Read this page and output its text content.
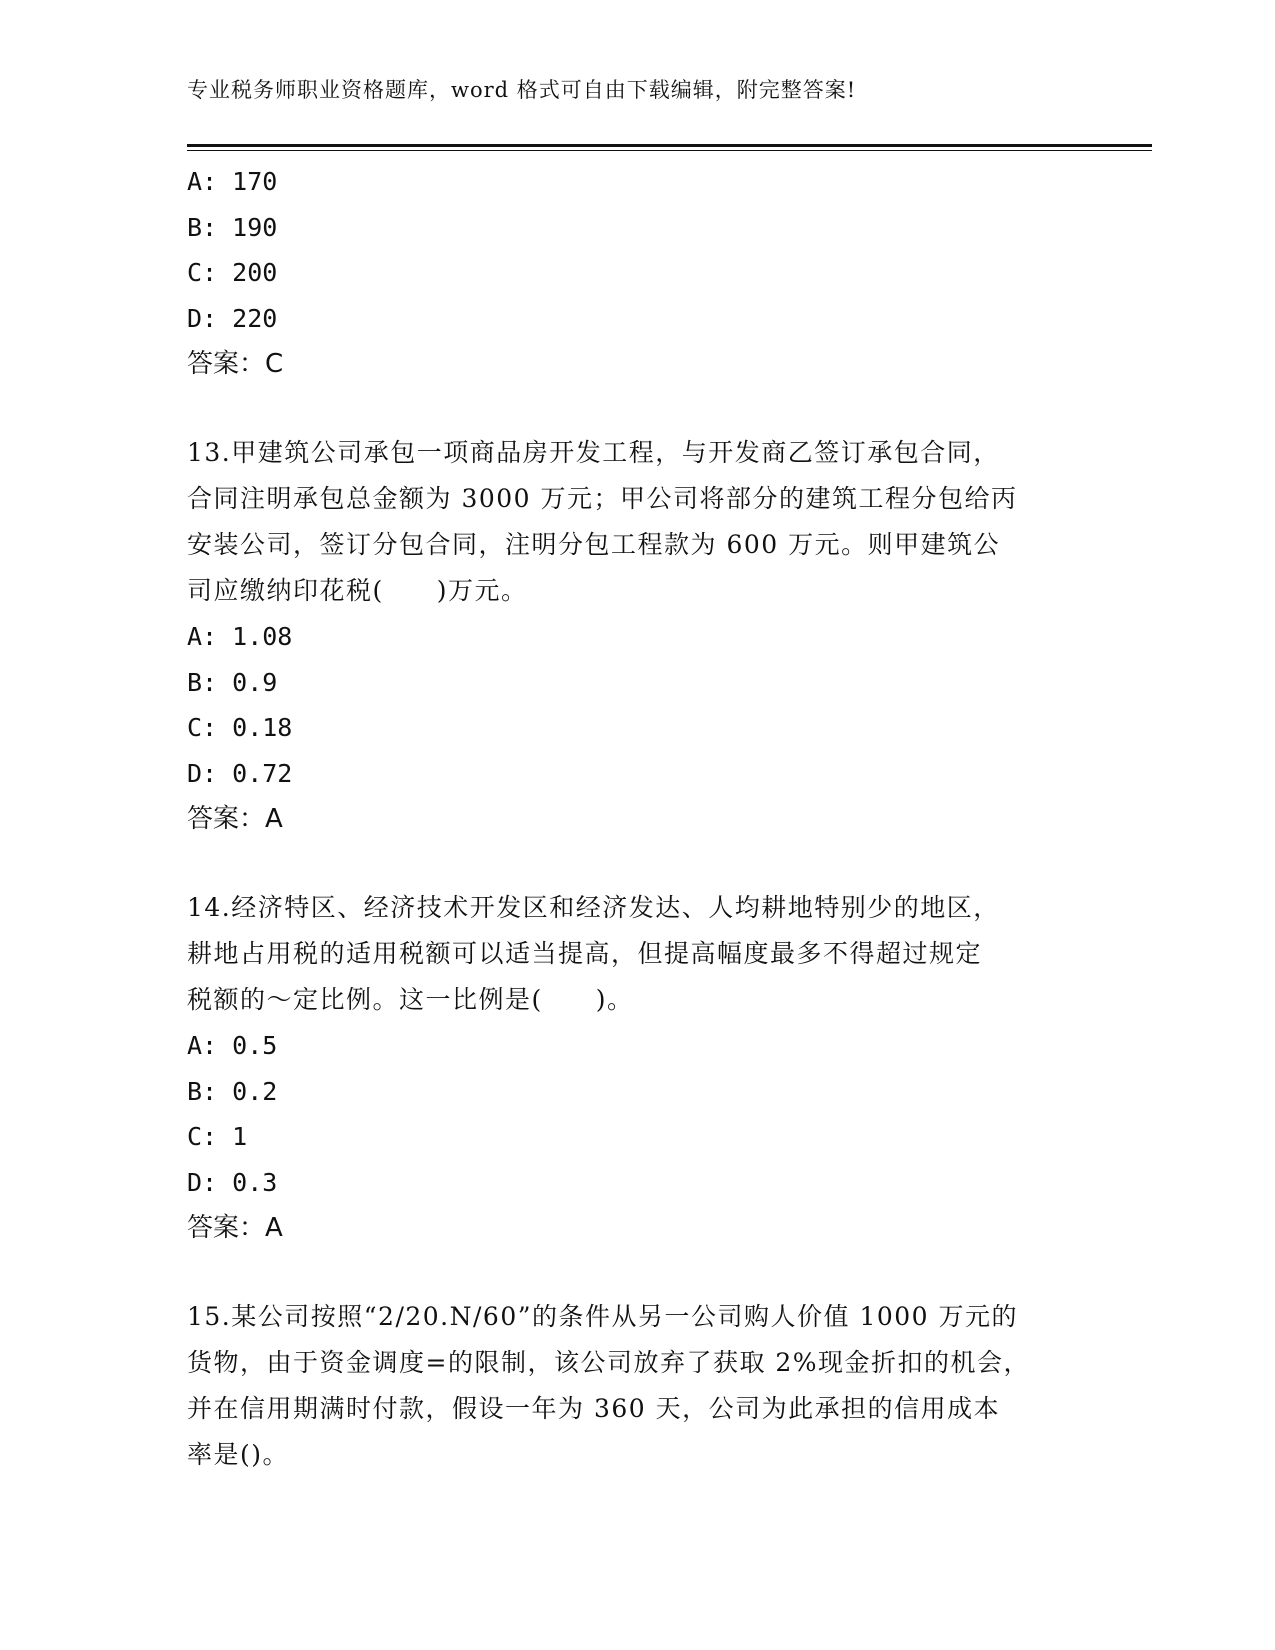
专业税务师职业资格题库，word 格式可自由下载编辑，附完整答案!
A: 170
B: 190
C: 200
D: 220
答案：C
13.甲建筑公司承包一项商品房开发工程，与开发商乙签订承包合同，
合同注明承包总金额为 3000 万元；甲公司将部分的建筑工程分包给丙
安装公司，签订分包合同，注明分包工程款为 600 万元。则甲建筑公
司应缴纳印花税(　　)万元。
A: 1.08
B: 0.9
C: 0.18
D: 0.72
答案：A
14.经济特区、经济技术开发区和经济发达、人均耕地特别少的地区，
耕地占用税的适用税额可以适当提高，但提高幅度最多不得超过规定
税额的～定比例。这一比例是(　　)。
A: 0.5
B: 0.2
C: 1
D: 0.3
答案：A
15.某公司按照“2/20.N/60”的条件从另一公司购人价值 1000 万元的
货物，由于资金调度=的限制，该公司放弃了获取 2%现金折扣的机会，
并在信用期满时付款，假设一年为 360 天，公司为此承担的信用成本
率是()。
